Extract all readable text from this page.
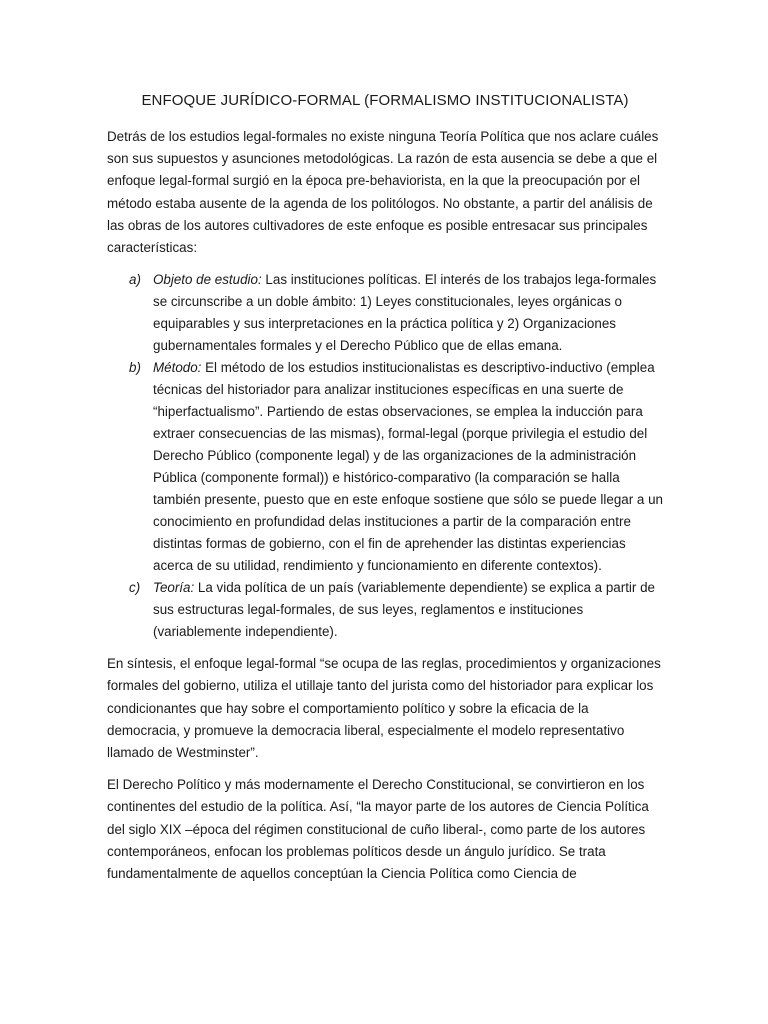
ENFOQUE JURÍDICO-FORMAL (FORMALISMO INSTITUCIONALISTA)

Detrás de los estudios legal-formales no existe ninguna Teoría Política que nos aclare cuáles son sus supuestos y asunciones metodológicas. La razón de esta ausencia se debe a que el enfoque legal-formal surgió en la época pre-behaviorista, en la que la preocupación por el método estaba ausente de la agenda de los politólogos. No obstante, a partir del análisis de las obras de los autores cultivadores de este enfoque es posible entresacar sus principales características:

a) Objeto de estudio: Las instituciones políticas. El interés de los trabajos lega-formales se circunscribe a un doble ámbito: 1) Leyes constitucionales, leyes orgánicas o equiparables y sus interpretaciones en la práctica política y 2) Organizaciones gubernamentales formales y el Derecho Público que de ellas emana.
b) Método: El método de los estudios institucionalistas es descriptivo-inductivo (emplea técnicas del historiador para analizar instituciones específicas en una suerte de “hiperfactualismo”. Partiendo de estas observaciones, se emplea la inducción para extraer consecuencias de las mismas), formal-legal (porque privilegia el estudio del Derecho Público (componente legal) y de las organizaciones de la administración Pública (componente formal)) e histórico-comparativo (la comparación se halla también presente, puesto que en este enfoque sostiene que sólo se puede llegar a un conocimiento en profundidad delas instituciones a partir de la comparación entre distintas formas de gobierno, con el fin de aprehender las distintas experiencias acerca de su utilidad, rendimiento y funcionamiento en diferente contextos).
c) Teoría: La vida política de un país (variablemente dependiente) se explica a partir de sus estructuras legal-formales, de sus leyes, reglamentos e instituciones (variablemente independiente).

En síntesis, el enfoque legal-formal “se ocupa de las reglas, procedimientos y organizaciones formales del gobierno, utiliza el utillaje tanto del jurista como del historiador para explicar los condicionantes que hay sobre el comportamiento político y sobre la eficacia de la democracia, y promueve la democracia liberal, especialmente el modelo representativo llamado de Westminster”.

El Derecho Político y más modernamente el Derecho Constitucional, se convirtieron en los continentes del estudio de la política. Así, “la mayor parte de los autores de Ciencia Política del siglo XIX –época del régimen constitucional de cuño liberal-, como parte de los autores contemporáneos, enfocan los problemas políticos desde un ángulo jurídico. Se trata fundamentalmente de aquellos conceptúan la Ciencia Política como Ciencia de
